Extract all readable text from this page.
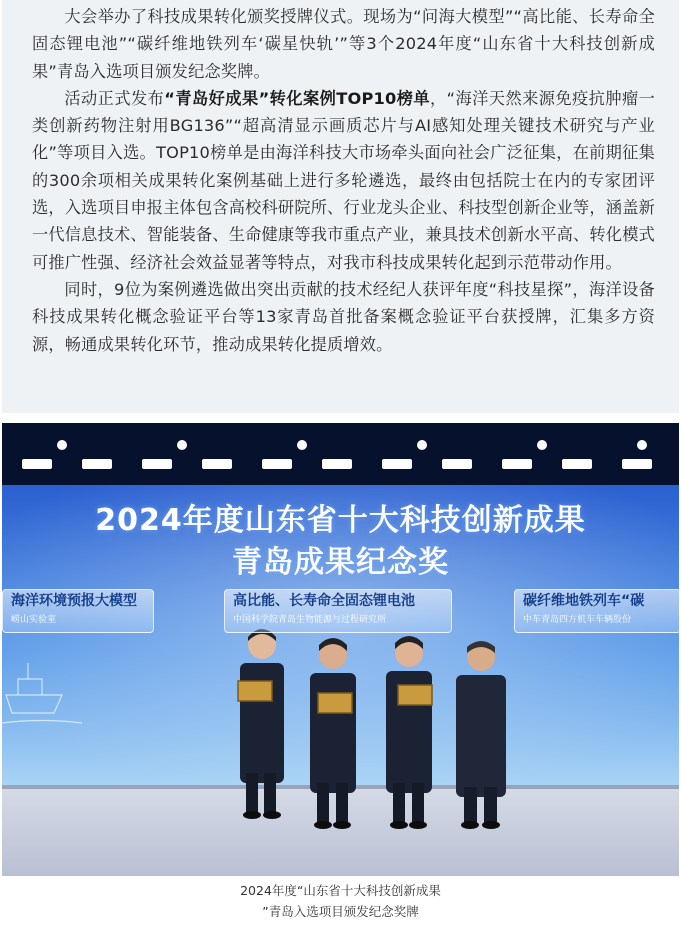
大会举办了科技成果转化颁奖授牌仪式。现场为“问海大模型”“高比能、长寿命全固态锂电池”“碳纤维地铁列车‘碳星快轨’”等3个2024年度“山东省十大科技创新成果”青岛入选项目颁发纪念奖牌。

活动正式发布“青岛好成果”转化案例TOP10榜单，“海洋天然来源免疫抗肿瘤一类创新药物注射用BG136”“超高清显示画质芯片与AI感知处理关键技术研究与产业化”等项目入选。TOP10榜单是由海洋科技大市场牵头面向社会广泛征集，在前期征集的300余项相关成果转化案例基础上进行多轮遴选，最终由包括院士在内的专家团评选，入选项目申报主体包含高校科研院所、行业龙头企业、科技型创新企业等，涵盖新一代信息技术、智能装备、生命健康等我市重点产业，兼具技术创新水平高、转化模式可推广性强、经济社会效益显著等特点，对我市科技成果转化起到示范带动作用。

同时，9位为案例遴选做出突出贡献的技术经纪人获评年度“科技星探”，海洋设备科技成果转化概念验证平台等13家青岛首批备案概念验证平台获授牌，汇集多方资源，畅通成果转化环节，推动成果转化提质增效。

2024年度山东省十大科技创新成果
青岛成果纪念奖
海洋环境预报大模型
崂山实验室
高比能、长寿命全固态锂电池
中国科学院青岛生物能源与过程研究所
碳纤维地铁列车“碳
中车青岛四方机车车辆股份
2024年度“山东省十大科技创新成果
”青岛入选项目颁发纪念奖牌
